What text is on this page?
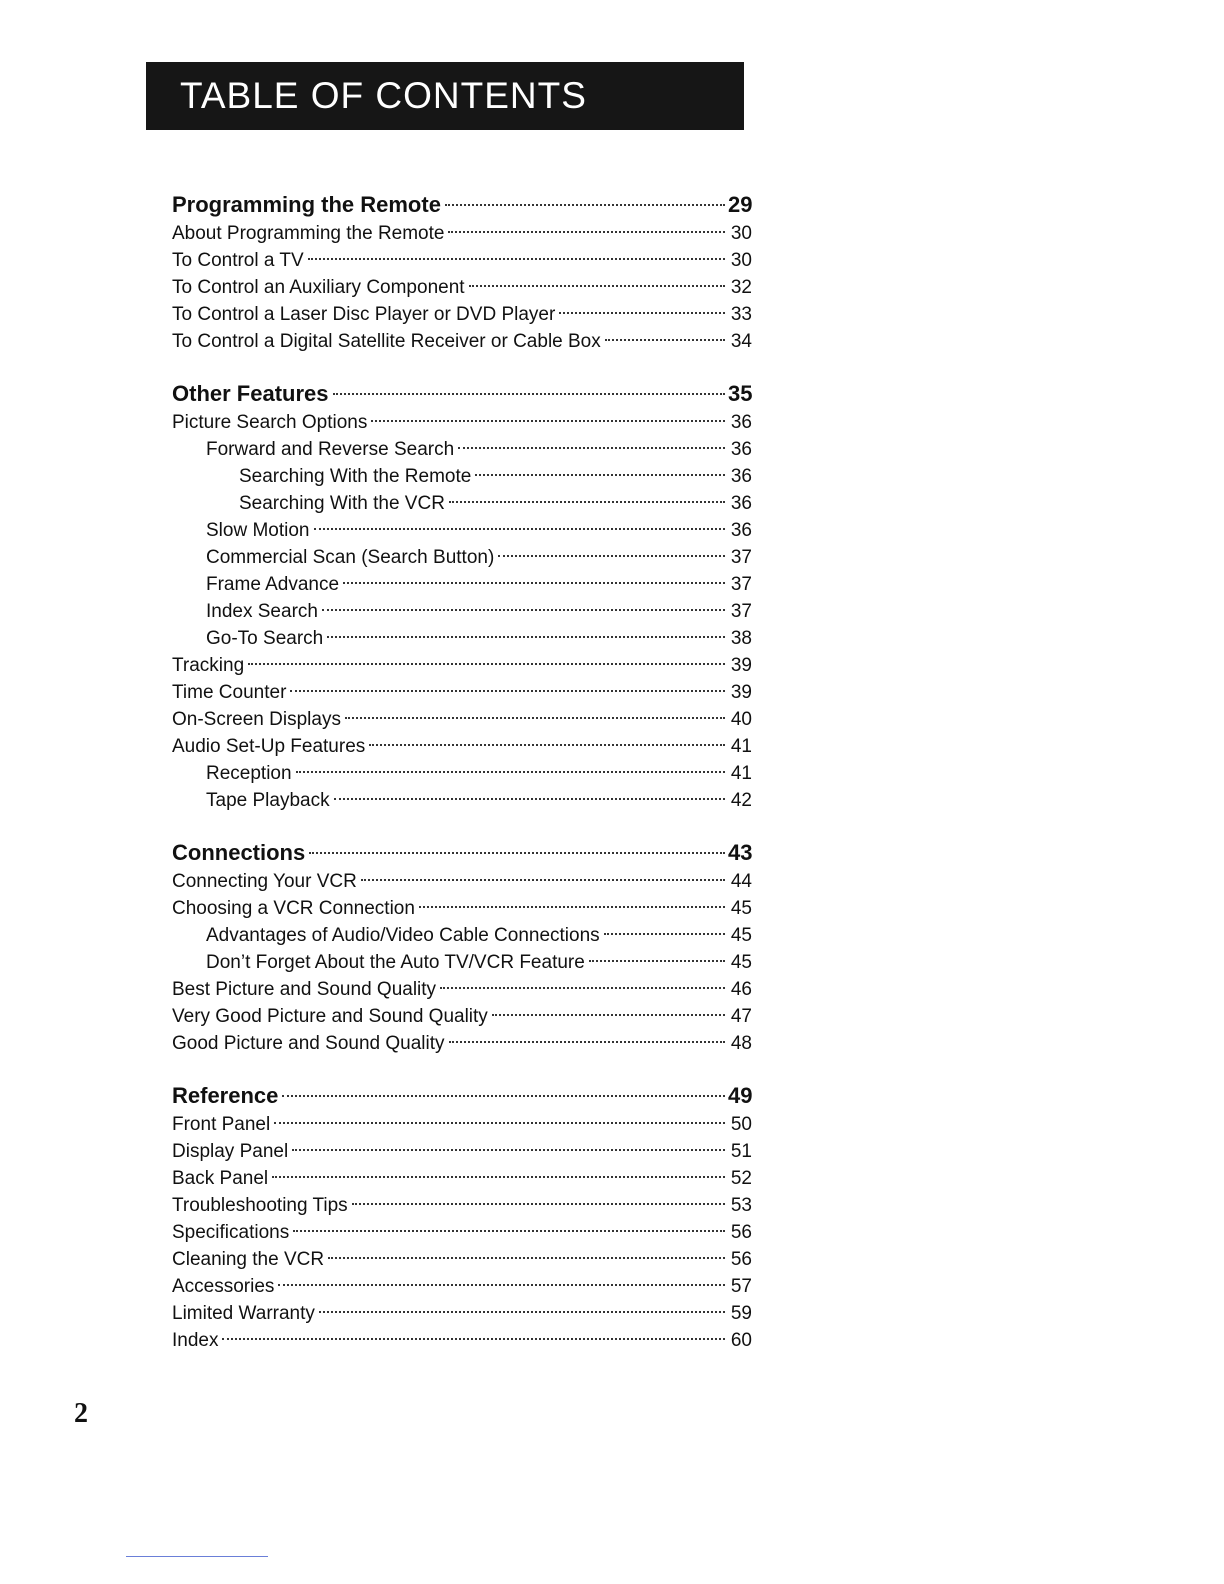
TABLE OF CONTENTS
Programming the Remote	29
About Programming the Remote	30
To Control a TV	30
To Control an Auxiliary Component	32
To Control a Laser Disc Player or DVD Player	33
To Control a Digital Satellite Receiver or Cable Box	34
Other Features	35
Picture Search Options	36
Forward and Reverse Search	36
Searching With the Remote	36
Searching With the VCR	36
Slow Motion	36
Commercial Scan (Search Button)	37
Frame Advance	37
Index Search	37
Go-To Search	38
Tracking	39
Time Counter	39
On-Screen Displays	40
Audio Set-Up Features	41
Reception	41
Tape Playback	42
Connections	43
Connecting Your VCR	44
Choosing a VCR Connection	45
Advantages of Audio/Video Cable Connections	45
Don’t Forget About the Auto TV/VCR Feature	45
Best Picture and Sound Quality	46
Very Good Picture and Sound Quality	47
Good Picture and Sound Quality	48
Reference	49
Front Panel	50
Display Panel	51
Back Panel	52
Troubleshooting Tips	53
Specifications	56
Cleaning the VCR	56
Accessories	57
Limited Warranty	59
Index	60
2
